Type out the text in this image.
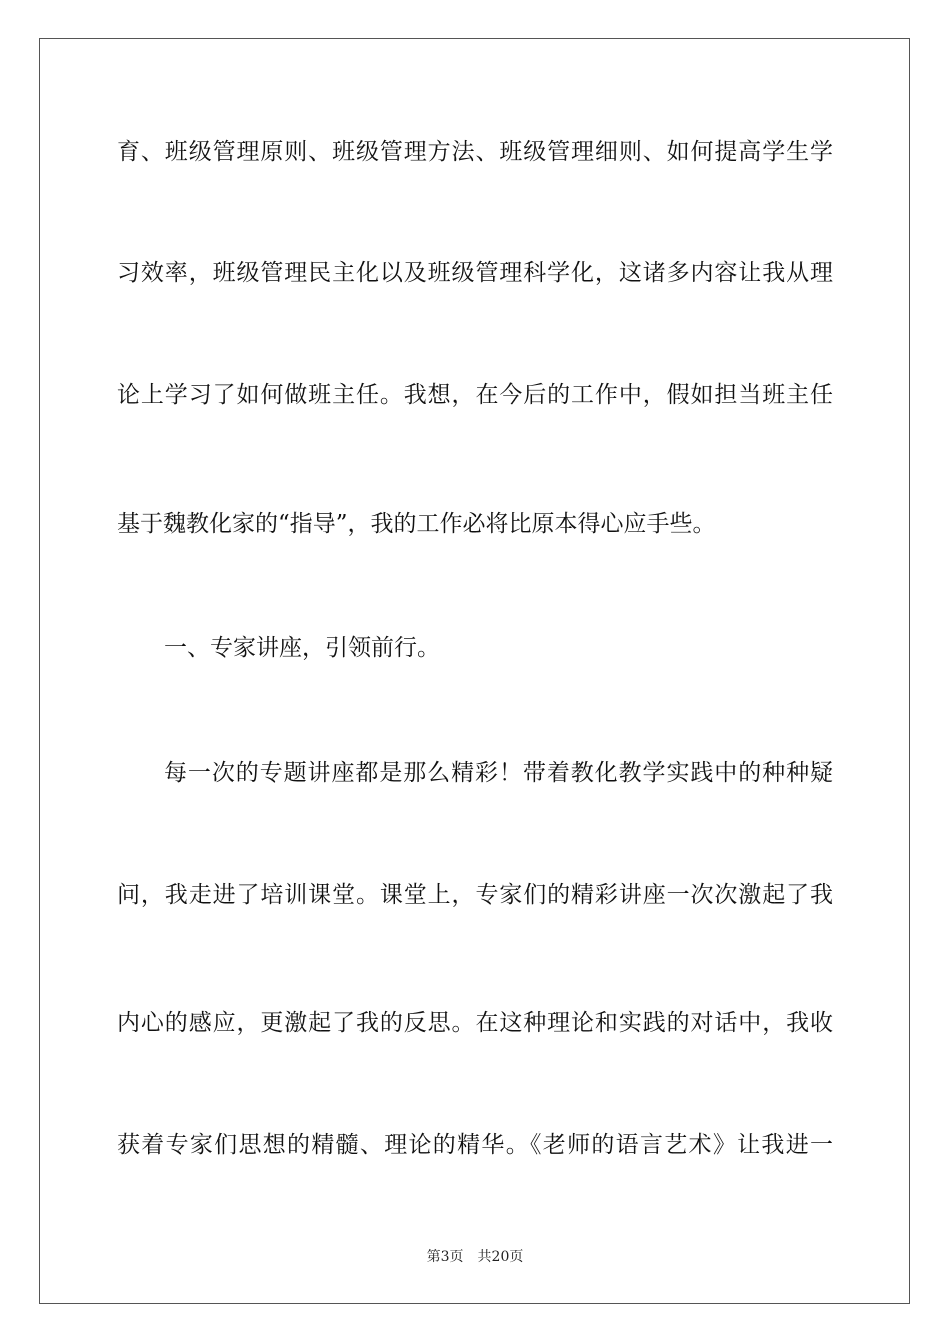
育、班级管理原则、班级管理方法、班级管理细则、如何提高学生学
习效率，班级管理民主化以及班级管理科学化，这诸多内容让我从理
论上学习了如何做班主任。我想，在今后的工作中，假如担当班主任
基于魏教化家的“指导”，我的工作必将比原本得心应手些。
一、专家讲座，引领前行。
每一次的专题讲座都是那么精彩！带着教化教学实践中的种种疑
问，我走进了培训课堂。课堂上，专家们的精彩讲座一次次激起了我
内心的感应，更激起了我的反思。在这种理论和实践的对话中，我收
获着专家们思想的精髓、理论的精华。《老师的语言艺术》让我进一
第3页 共20页
